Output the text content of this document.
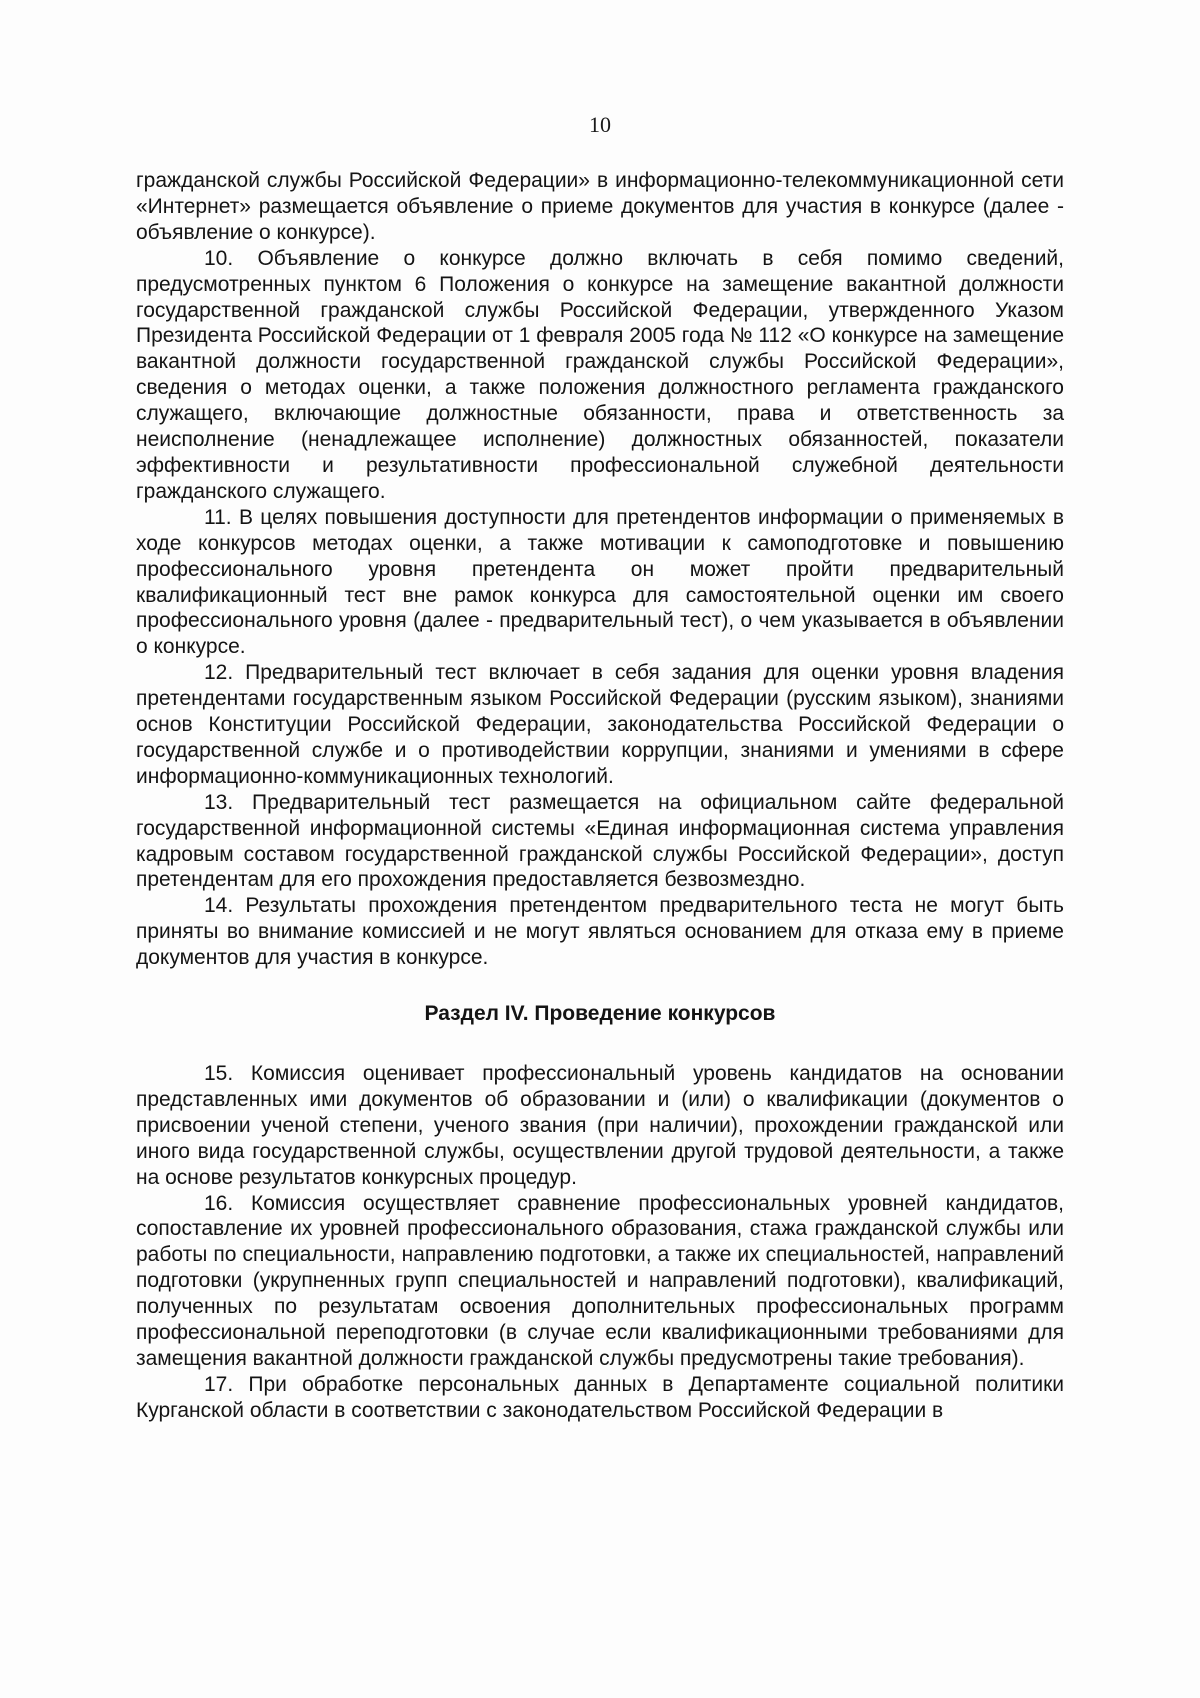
10

гражданской службы Российской Федерации» в информационно-телекоммуникационной сети «Интернет» размещается объявление о приеме документов для участия в конкурсе (далее - объявление о конкурсе).

10. Объявление о конкурсе должно включать в себя помимо сведений, предусмотренных пунктом 6 Положения о конкурсе на замещение вакантной должности государственной гражданской службы Российской Федерации, утвержденного Указом Президента Российской Федерации от 1 февраля 2005 года № 112 «О конкурсе на замещение вакантной должности государственной гражданской службы Российской Федерации», сведения о методах оценки, а также положения должностного регламента гражданского служащего, включающие должностные обязанности, права и ответственность за неисполнение (ненадлежащее исполнение) должностных обязанностей, показатели эффективности и результативности профессиональной служебной деятельности гражданского служащего.

11. В целях повышения доступности для претендентов информации о применяемых в ходе конкурсов методах оценки, а также мотивации к самоподготовке и повышению профессионального уровня претендента он может пройти предварительный квалификационный тест вне рамок конкурса для самостоятельной оценки им своего профессионального уровня (далее - предварительный тест), о чем указывается в объявлении о конкурсе.

12. Предварительный тест включает в себя задания для оценки уровня владения претендентами государственным языком Российской Федерации (русским языком), знаниями основ Конституции Российской Федерации, законодательства Российской Федерации о государственной службе и о противодействии коррупции, знаниями и умениями в сфере информационно-коммуникационных технологий.

13. Предварительный тест размещается на официальном сайте федеральной государственной информационной системы «Единая информационная система управления кадровым составом государственной гражданской службы Российской Федерации», доступ претендентам для его прохождения предоставляется безвозмездно.

14. Результаты прохождения претендентом предварительного теста не могут быть приняты во внимание комиссией и не могут являться основанием для отказа ему в приеме документов для участия в конкурсе.

Раздел IV. Проведение конкурсов

15. Комиссия оценивает профессиональный уровень кандидатов на основании представленных ими документов об образовании и (или) о квалификации (документов о присвоении ученой степени, ученого звания (при наличии), прохождении гражданской или иного вида государственной службы, осуществлении другой трудовой деятельности, а также на основе результатов конкурсных процедур.

16. Комиссия осуществляет сравнение профессиональных уровней кандидатов, сопоставление их уровней профессионального образования, стажа гражданской службы или работы по специальности, направлению подготовки, а также их специальностей, направлений подготовки (укрупненных групп специальностей и направлений подготовки), квалификаций, полученных по результатам освоения дополнительных профессиональных программ профессиональной переподготовки (в случае если квалификационными требованиями для замещения вакантной должности гражданской службы предусмотрены такие требования).

17. При обработке персональных данных в Департаменте социальной политики Курганской области в соответствии с законодательством Российской Федерации в
